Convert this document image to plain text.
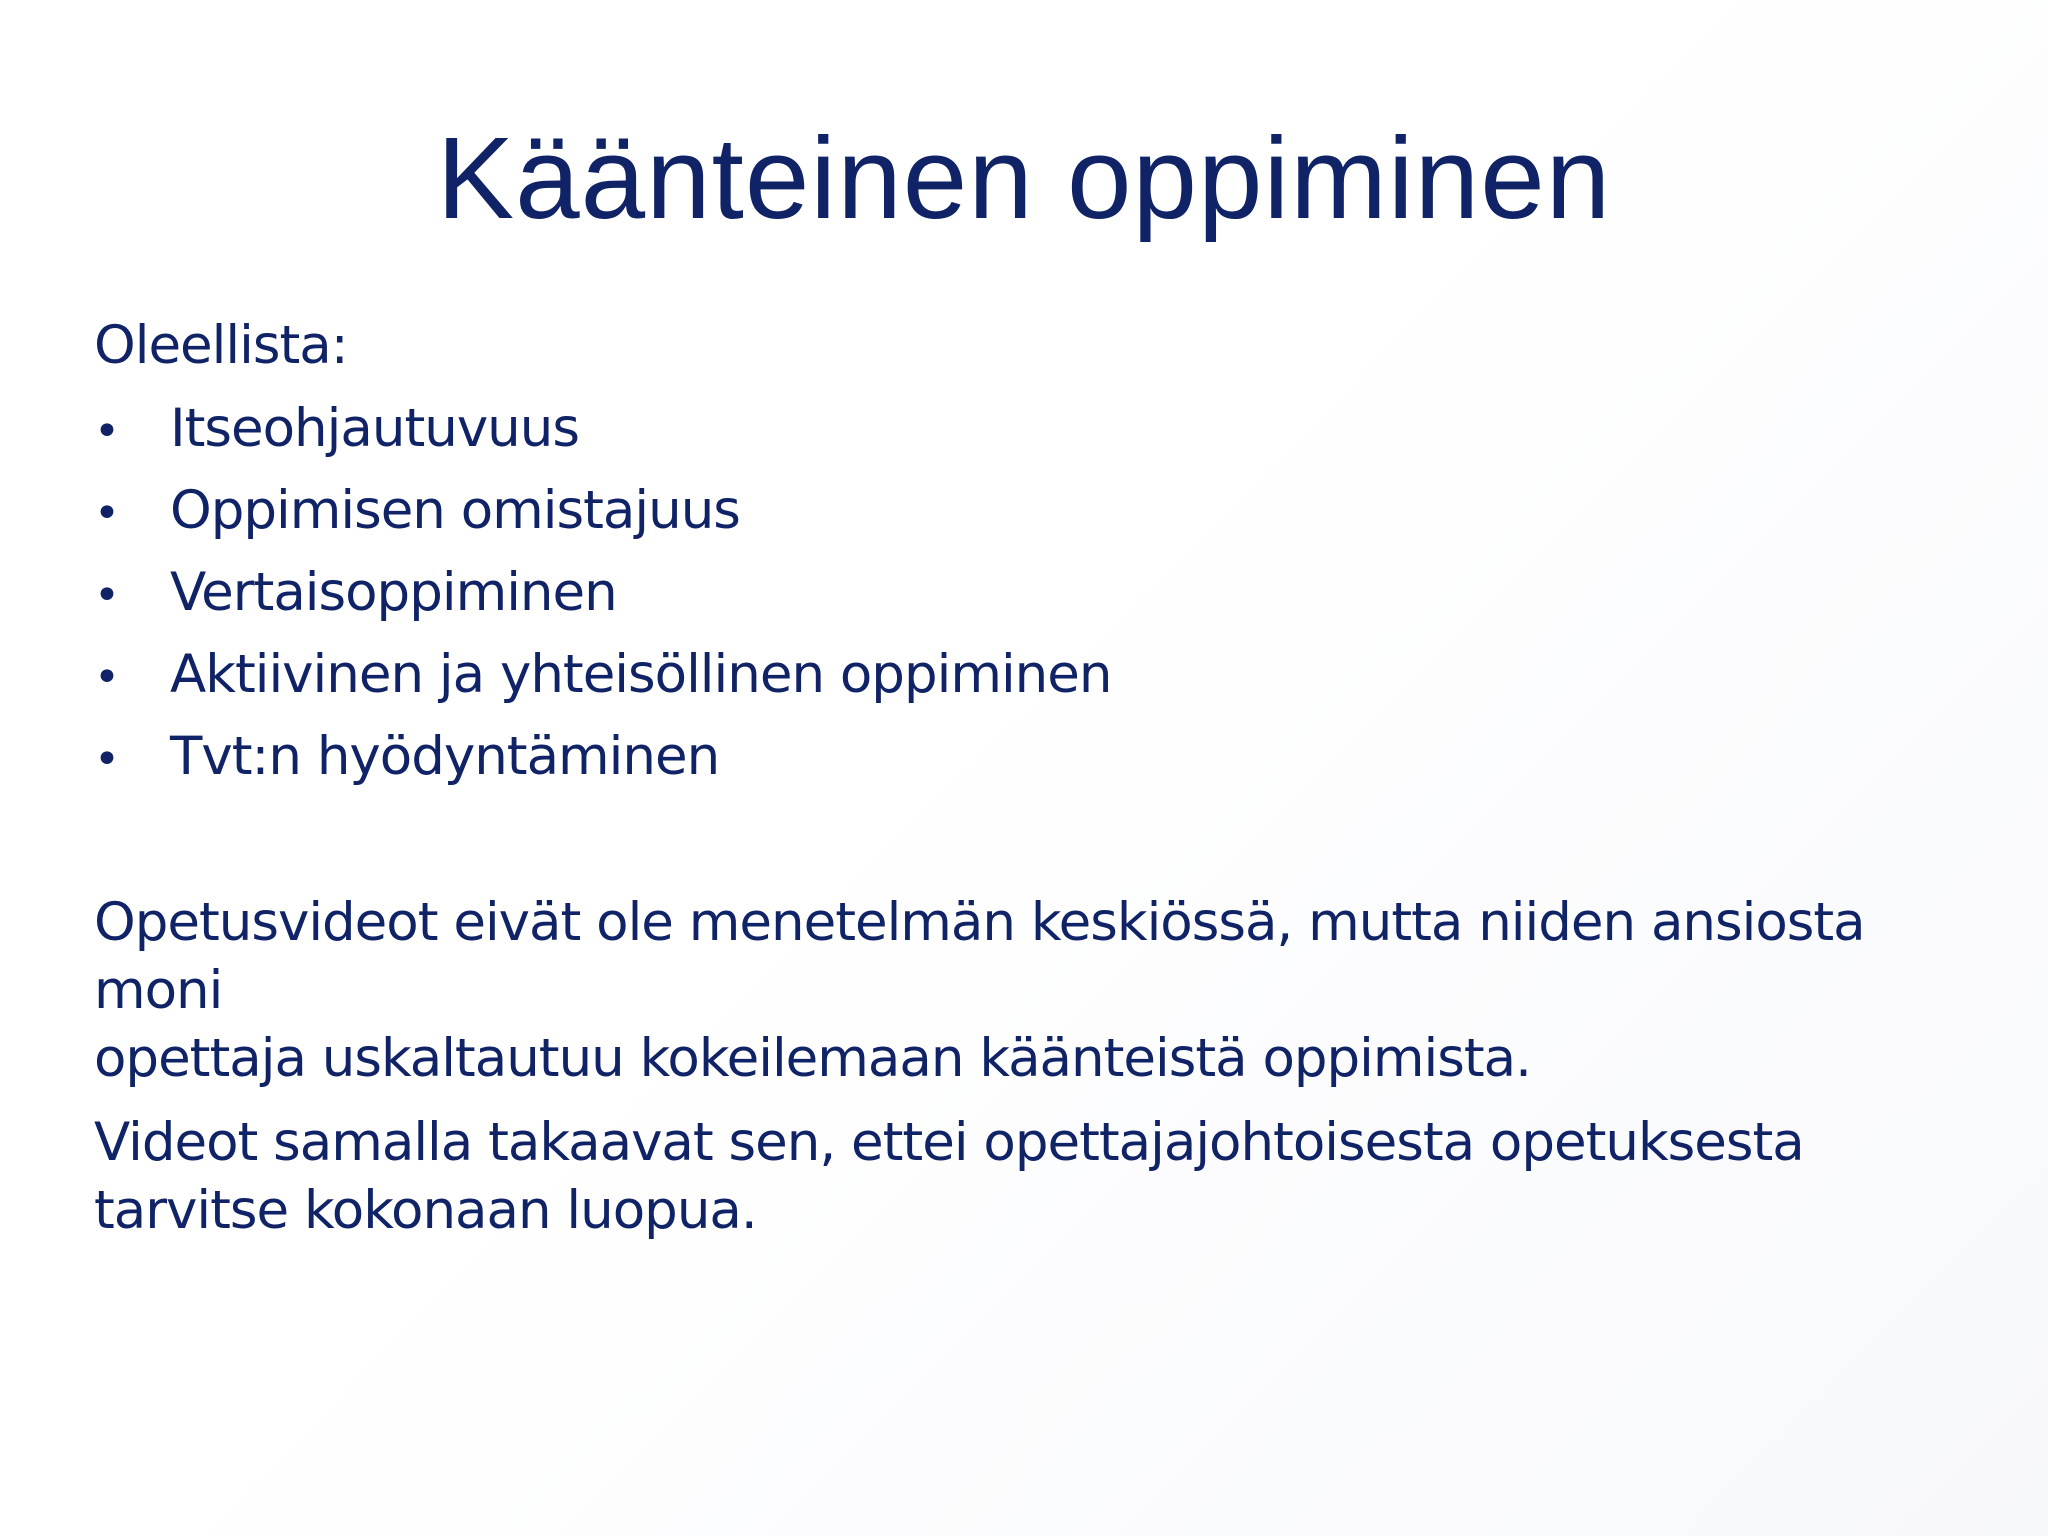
Käänteinen oppiminen

Oleellista:

• Itseohjautuvuus
• Oppimisen omistajuus
• Vertaisoppiminen
• Aktiivinen ja yhteisöllinen oppiminen
• Tvt:n hyödyntäminen
Opetusvideot eivät ole menetelmän keskiössä, mutta niiden ansiosta moni
opettaja uskaltautuu kokeilemaan käänteistä oppimista.
Videot samalla takaavat sen, ettei opettajajohtoisesta opetuksesta
tarvitse kokonaan luopua.
